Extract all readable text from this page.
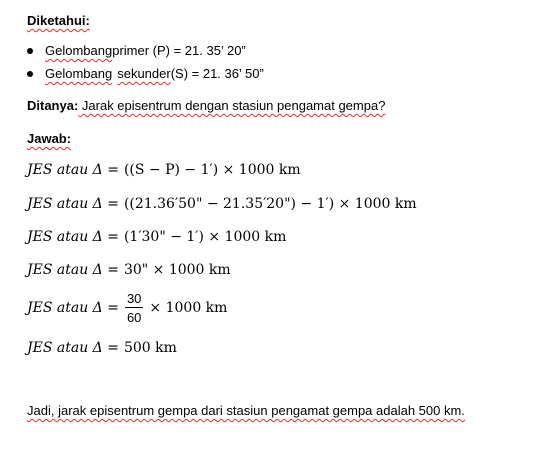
Diketahui:
Gelombang primer (P) = 21. 35’ 20”
Gelombang sekunder (S) = 21. 36’ 50”
Ditanya: Jarak episentrum dengan stasiun pengamat gempa?
Jawab:
JES atau Δ = ((S − P) − 1′) × 1000 km
JES atau Δ = ((21.36′50" − 21.35′20") − 1′) × 1000 km
JES atau Δ = (1′30" − 1′) × 1000 km
JES atau Δ = 30" × 1000 km
JES atau $\Delta = \frac{30}{60} \times 1000$ km
JES atau Δ = 500 km
Jadi, jarak episentrum gempa dari stasiun pengamat gempa adalah 500 km.
